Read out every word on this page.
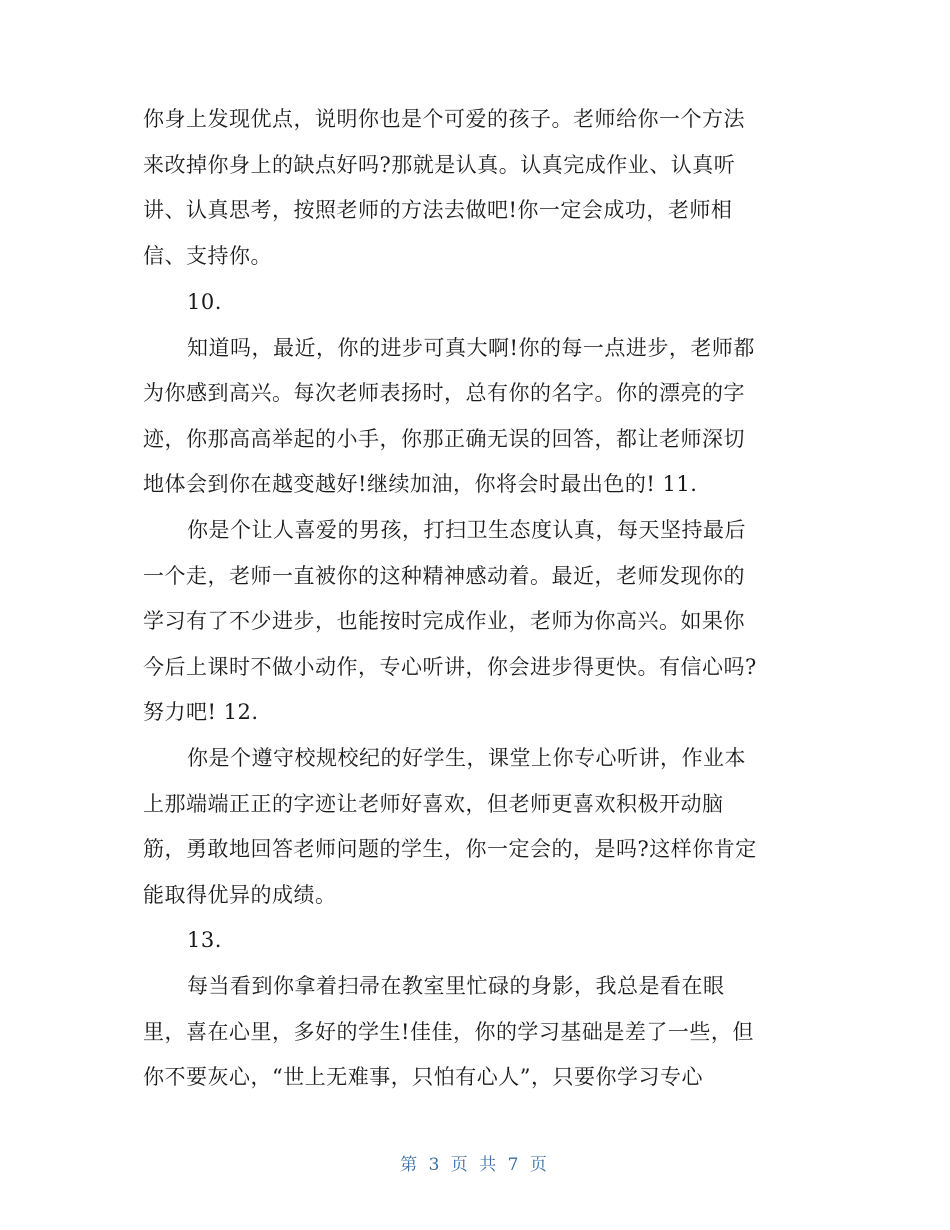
你身上发现优点，说明你也是个可爱的孩子。老师给你一个方法
来改掉你身上的缺点好吗?那就是认真。认真完成作业、认真听
讲、认真思考，按照老师的方法去做吧!你一定会成功，老师相
信、支持你。
10.
知道吗，最近，你的进步可真大啊!你的每一点进步，老师都
为你感到高兴。每次老师表扬时，总有你的名字。你的漂亮的字
迹，你那高高举起的小手，你那正确无误的回答，都让老师深切
地体会到你在越变越好!继续加油，你将会时最出色的! 11.
你是个让人喜爱的男孩，打扫卫生态度认真，每天坚持最后
一个走，老师一直被你的这种精神感动着。最近，老师发现你的
学习有了不少进步，也能按时完成作业，老师为你高兴。如果你
今后上课时不做小动作，专心听讲，你会进步得更快。有信心吗?
努力吧! 12.
你是个遵守校规校纪的好学生，课堂上你专心听讲，作业本
上那端端正正的字迹让老师好喜欢，但老师更喜欢积极开动脑
筋，勇敢地回答老师问题的学生，你一定会的，是吗?这样你肯定
能取得优异的成绩。
13.
每当看到你拿着扫帚在教室里忙碌的身影，我总是看在眼
里，喜在心里，多好的学生!佳佳，你的学习基础是差了一些，但
你不要灰心，“世上无难事，只怕有心人”，只要你学习专心
第 3 页 共 7 页
